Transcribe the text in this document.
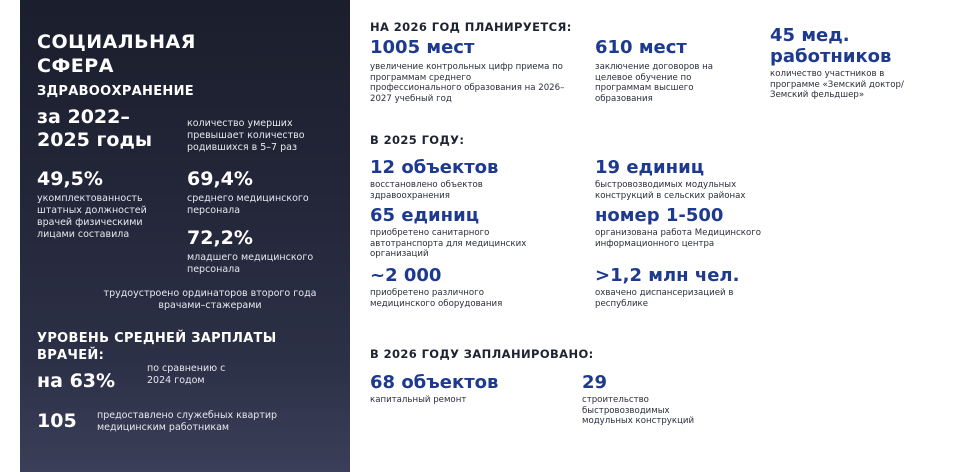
СОЦИАЛЬНАЯ
СФЕРА
ЗДРАВООХРАНЕНИЕ
за 2022–
2025 годы
количество умерших превышает количество родившихся в 5–7 раз
49,5%
укомплектованность штатных должностей врачей физическими лицами составила
69,4%
среднего медицинского персонала
72,2%
младшего медицинского персонала
трудоустроено ординаторов второго года врачами–стажерами
УРОВЕНЬ СРЕДНЕЙ ЗАРПЛАТЫ ВРАЧЕЙ:
на 63%
по сравнению с 2024 годом
105 предоставлено служебных квартир медицинским работникам
НА 2026 ГОД ПЛАНИРУЕТСЯ:
1005 мест
увеличение контрольных цифр приема по программам среднего профессионального образования на 2026–2027 учебный год
610 мест
заключение договоров на целевое обучение по программам высшего образования
45 мед.
работников
количество участников в программе «Земский доктор/ Земский фельдшер»
В 2025 ГОДУ:
12 объектов
восстановлено объектов здравоохранения
19 единиц
быстровозводимых модульных конструкций в сельских районах
65 единиц
приобретено санитарного автотранспорта для медицинских организаций
номер 1-500
организована работа Медицинского информационного центра
~2 000
приобретено различного медицинского оборудования
>1,2 млн чел.
охвачено диспансеризацией в республике
В 2026 ГОДУ ЗАПЛАНИРОВАНО:
68 объектов
капитальный ремонт
29
строительство быстровозводимых модульных конструкций
